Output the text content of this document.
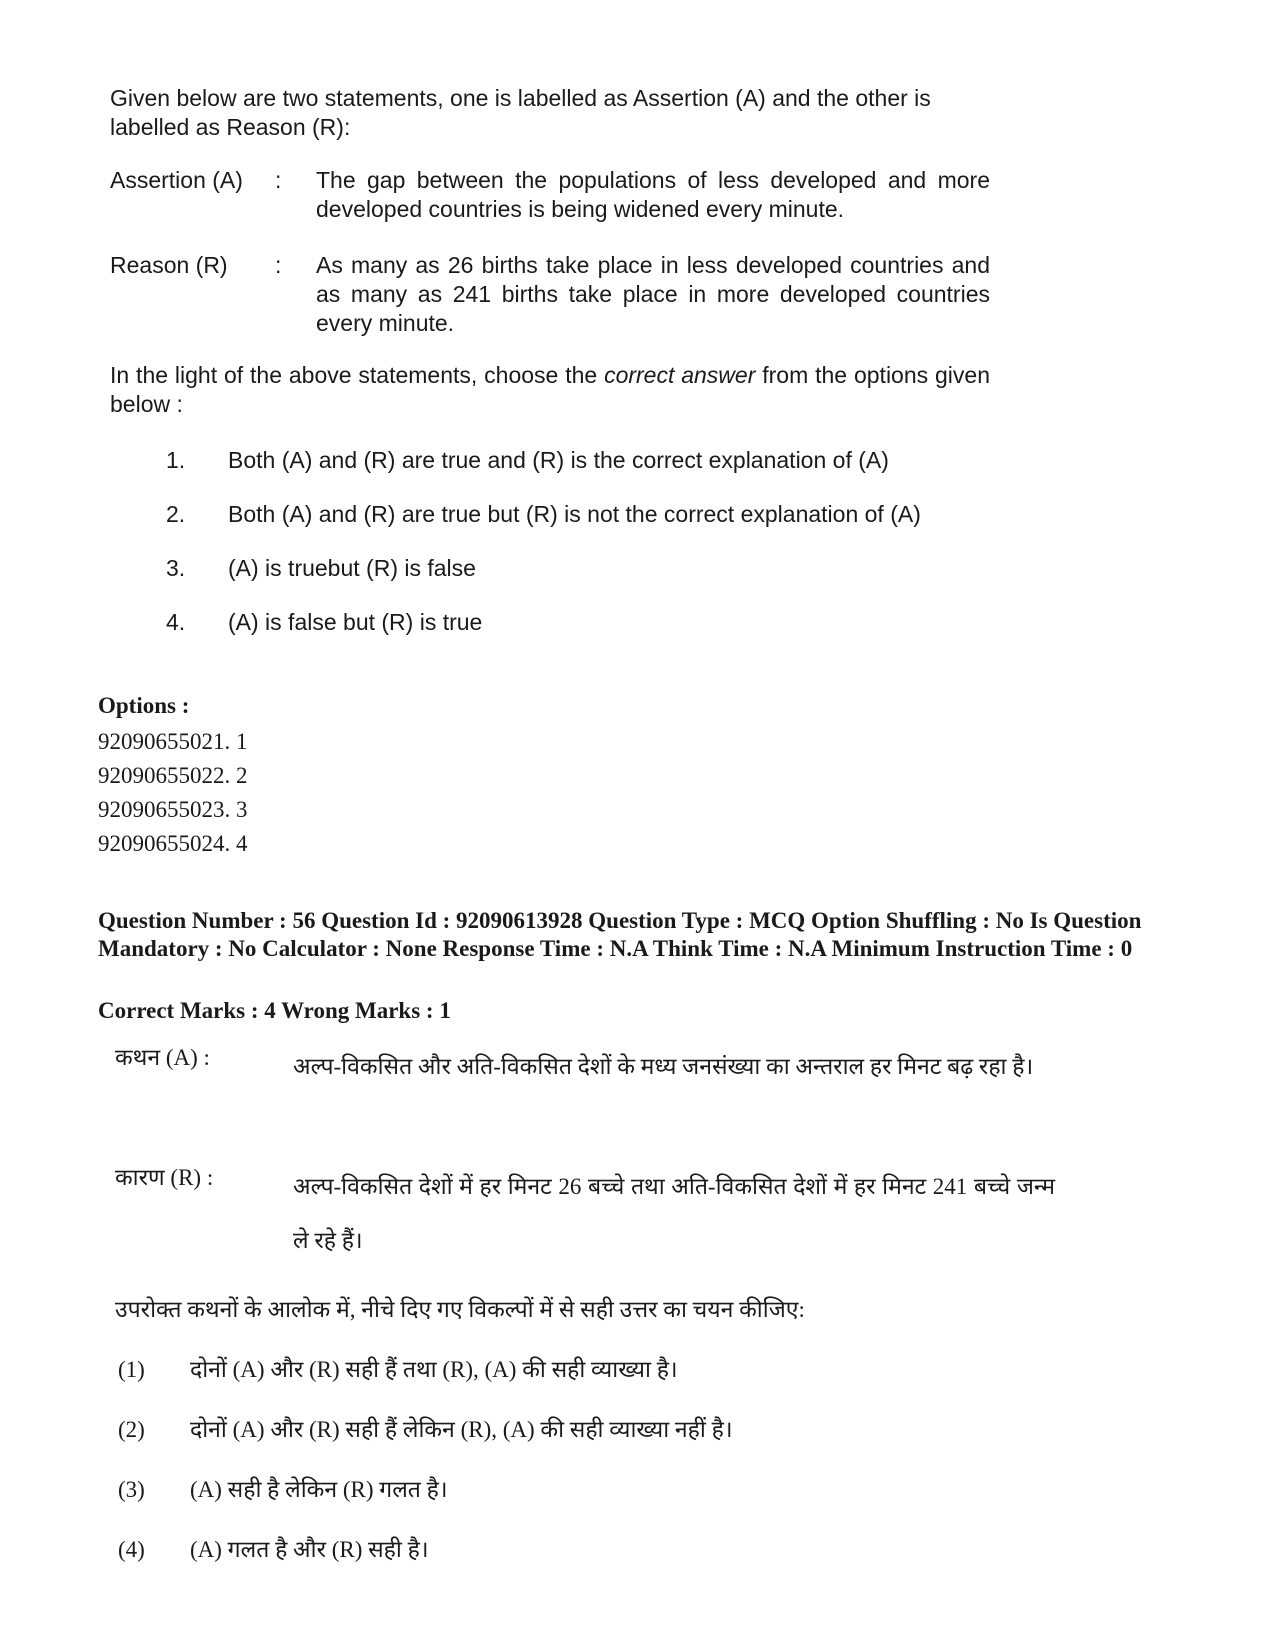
Given below are two statements, one is labelled as Assertion (A) and the other is labelled as Reason (R):
Assertion (A)	: The gap between the populations of less developed and more developed countries is being widened every minute.
Reason (R)	: As many as 26 births take place in less developed countries and as many as 241 births take place in more developed countries every minute.
In the light of the above statements, choose the correct answer from the options given below :
1. Both (A) and (R) are true and (R) is the correct explanation of (A)
2. Both (A) and (R) are true but (R) is not the correct explanation of (A)
3. (A) is truebut (R) is false
4. (A) is false but (R) is true
Options :
92090655021. 1
92090655022. 2
92090655023. 3
92090655024. 4
Question Number : 56 Question Id : 92090613928 Question Type : MCQ Option Shuffling : No Is Question Mandatory : No Calculator : None Response Time : N.A Think Time : N.A Minimum Instruction Time : 0
Correct Marks : 4 Wrong Marks : 1
कथन (A) :	अल्प-विकसित और अति-विकसित देशों के मध्य जनसंख्या का अन्तराल हर मिनट बढ़ रहा है।
कारण (R) :	अल्प-विकसित देशों में हर मिनट 26 बच्चे तथा अति-विकसित देशों में हर मिनट 241 बच्चे जन्म ले रहे हैं।
उपरोक्त कथनों के आलोक में, नीचे दिए गए विकल्पों में से सही उत्तर का चयन कीजिए:
(1) दोनों (A) और (R) सही हैं तथा (R), (A) की सही व्याख्या है।
(2) दोनों (A) और (R) सही हैं लेकिन (R), (A) की सही व्याख्या नहीं है।
(3) (A) सही है लेकिन (R) गलत है।
(4) (A) गलत है और (R) सही है।
